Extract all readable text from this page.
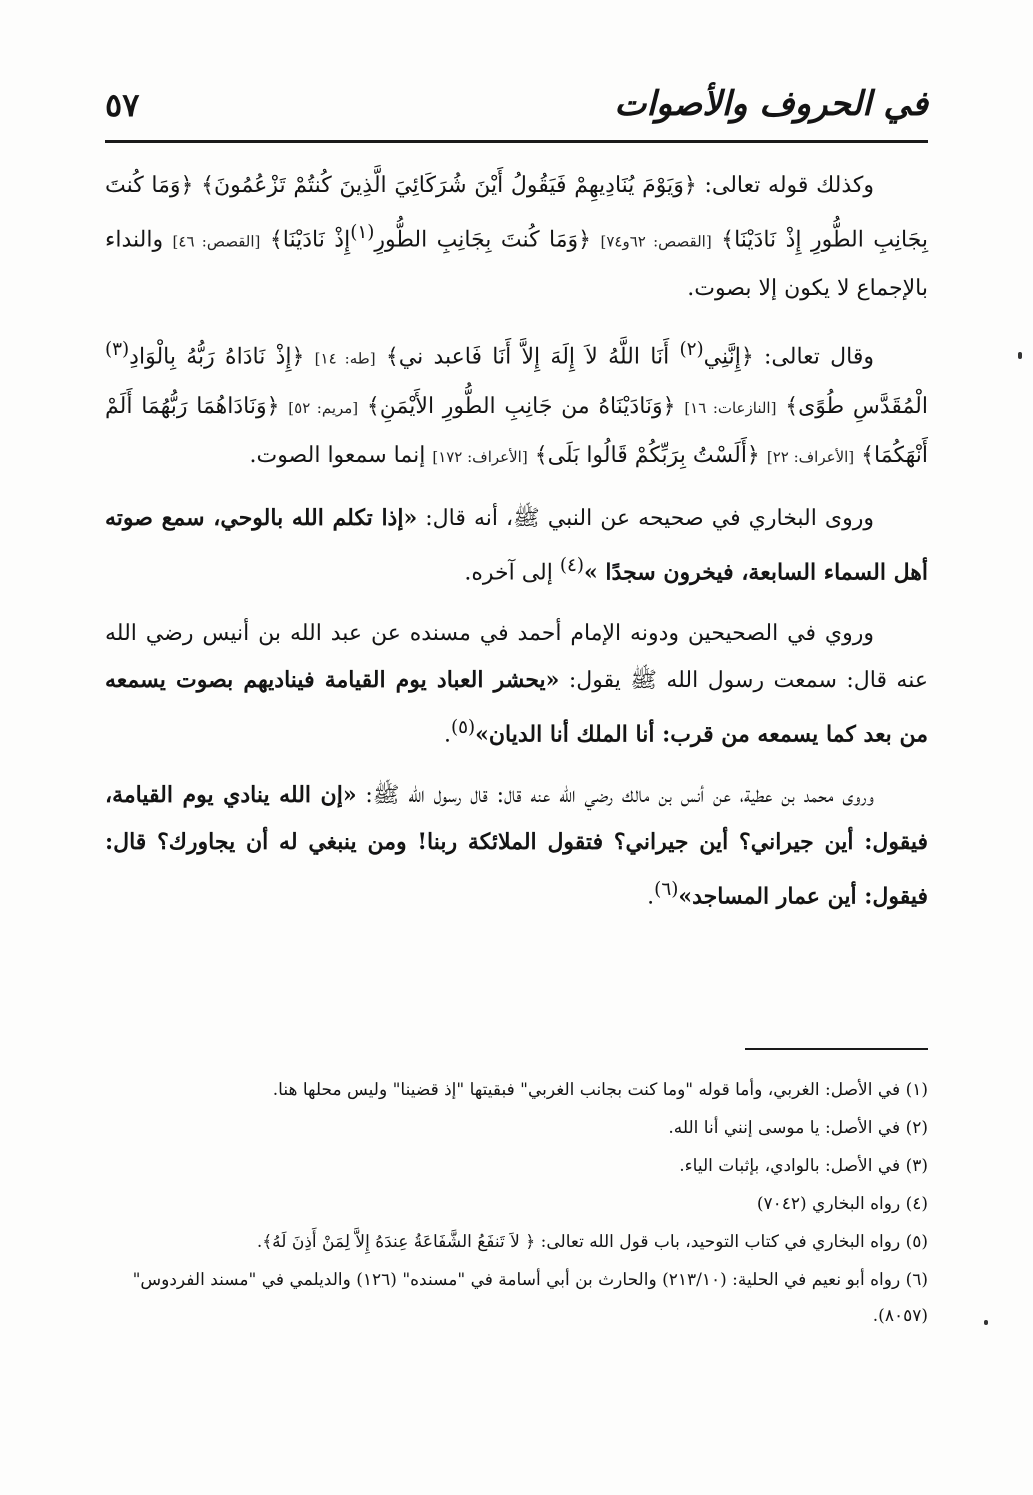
في الحروف والأصوات
٥٧

وكذلك قوله تعالى: ﴿وَيَوْمَ يُنَادِيهِمْ فَيَقُولُ أَيْنَ شُرَكَائِيَ الَّذِينَ كُنتُمْ تَزْعُمُونَ﴾ ﴿وَمَا كُنتَ بِجَانِبِ الطُّورِ إِذْ نَادَيْنَا﴾ [القصص: ٦٢و٧٤] ﴿وَمَا كُنتَ بِجَانِبِ الطُّورِ$^{(١)}$إِذْ نَادَيْنَا﴾ [القصص: ٤٦] والنداء بالإجماع لا يكون إلا بصوت.

وقال تعالى: ﴿إِنَّنِي$^{(٢)}$ أَنَا اللَّهُ لاَ إِلَهَ إِلاَّ أَنَا فَاعبد ني﴾ [طه: ١٤] ﴿إِذْ نَادَاهُ رَبُّهُ بِالْوَادِ$^{(٣)}$ الْمُقَدَّسِ طُوًى﴾ [النازعات: ١٦] ﴿وَنَادَيْنَاهُ من جَانِبِ الطُّورِ الأَيْمَنِ﴾ [مريم: ٥٢] ﴿وَنَادَاهُمَا رَبُّهُمَا أَلَمْ أَنْهَكُمَا﴾ [الأعراف: ٢٢] ﴿أَلَسْتُ بِرَبِّكُمْ قَالُوا بَلَى﴾ [الأعراف: ١٧٢] إنما سمعوا الصوت.

وروى البخاري في صحيحه عن النبي ﷺ، أنه قال: «إذا تكلم الله بالوحي، سمع صوته أهل السماء السابعة، فيخرون سجدًا »$^{(٤)}$ إلى آخره.

وروي في الصحيحين ودونه الإمام أحمد في مسنده عن عبد الله بن أنيس رضي الله عنه قال: سمعت رسول الله ﷺ يقول: «يحشر العباد يوم القيامة فيناديهم بصوت يسمعه من بعد كما يسمعه من قرب: أنا الملك أنا الديان»$^{(٥)}$.

وروى محمد بن عطية، عن أنس بن مالك رضي الله عنه قال: قال رسول الله ﷺ: «إن الله ينادي يوم القيامة، فيقول: أين جيراني؟ أين جيراني؟ فتقول الملائكة ربنا! ومن ينبغي له أن يجاورك؟ قال: فيقول: أين عمار المساجد»$^{(٦)}$.

(١) في الأصل: الغربي، وأما قوله "وما كنت بجانب الغربي" فبقيتها "إذ قضينا" وليس محلها هنا.
(٢) في الأصل: يا موسى إنني أنا الله.
(٣) في الأصل: بالوادي، بإثبات الياء.
(٤) رواه البخاري (٧٠٤٢)
(٥) رواه البخاري في كتاب التوحيد، باب قول الله تعالى: ﴿ لاَ تَنفَعُ الشَّفَاعَةُ عِندَهُ إِلاَّ لِمَنْ أَذِنَ لَهُ﴾.
(٦) رواه أبو نعيم في الحلية: (٢١٣/١٠) والحارث بن أبي أسامة في "مسنده" (١٢٦) والديلمي في "مسند الفردوس" (٨٠٥٧).
